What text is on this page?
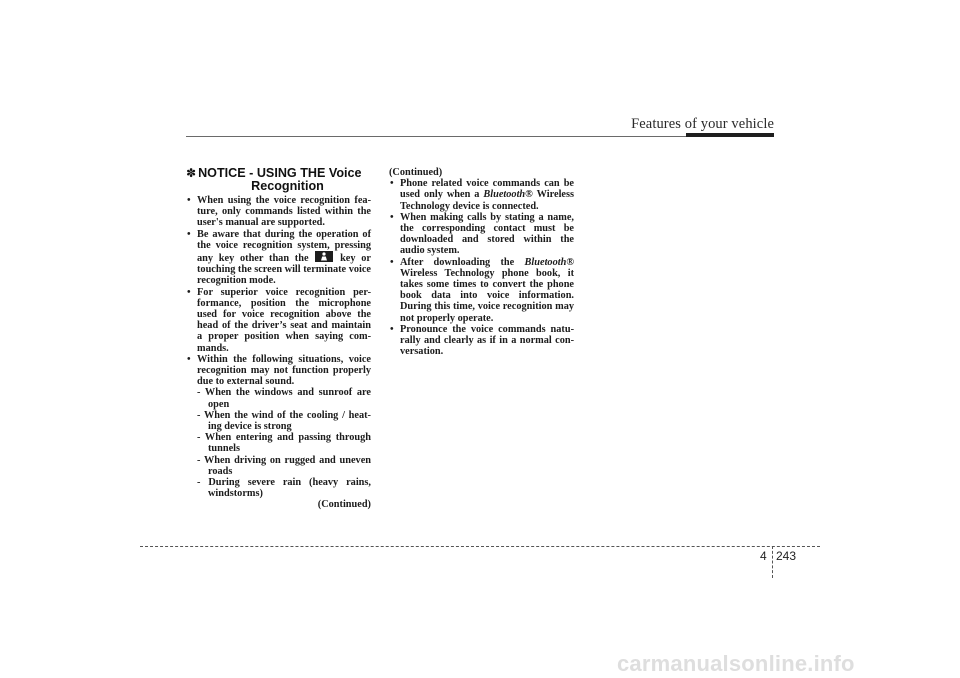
Features of your vehicle
✽ NOTICE - USING THE Voice
Recognition
• When using the voice recognition fea-ture, only commands listed within the user's manual are supported.
• Be aware that during the operation of the voice recognition system, pressing any key other than the	key or touching the screen will terminate voice recognition mode.
• For superior voice recognition per-formance, position the microphone used for voice recognition above the head of the driver’s seat and maintain a proper position when saying com-mands.
• Within the following situations, voice recognition may not function properly due to external sound.
- When the windows and sunroof are open
- When the wind of the cooling / heat-ing device is strong
- When entering and passing through tunnels
- When driving on rugged and uneven roads
- During severe rain (heavy rains, windstorms)
(Continued)
(Continued)
• Phone related voice commands can be used only when a Bluetooth® Wireless Technology device is connected.
• When making calls by stating a name, the corresponding contact must be downloaded and stored within the audio system.
• After downloading the Bluetooth® Wireless Technology phone book, it takes some times to convert the phone book data into voice information. During this time, voice recognition may not properly operate.
• Pronounce the voice commands natu-rally and clearly as if in a normal con-versation.
4 243
carmanualsonline.info
